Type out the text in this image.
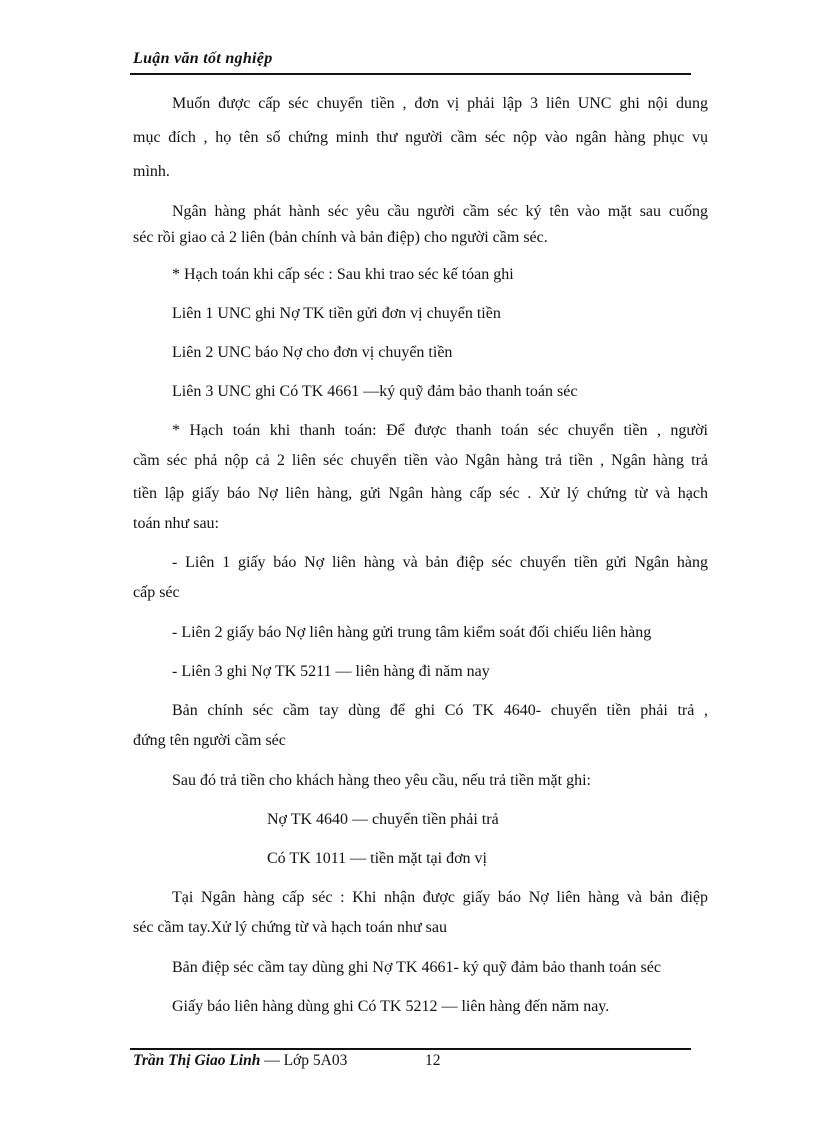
Luận văn tốt nghiệp
Muốn được cấp séc chuyển tiền , đơn vị phải lập 3 liên UNC ghi nội dung
mục đích , họ tên số chứng minh thư người cầm séc nộp vào ngân hàng phục vụ
mình.
Ngân hàng phát hành séc yêu cầu người cầm séc ký tên vào mặt sau cuống
séc rồi giao cả 2 liên (bản chính và bản điệp) cho người cầm séc.
* Hạch toán khi cấp séc : Sau khi trao séc kế tóan ghi
Liên 1 UNC ghi Nợ TK tiền gửi đơn vị chuyển tiền
Liên 2 UNC báo Nợ cho đơn vị chuyển tiền
Liên 3 UNC ghi Có TK 4661 —ký quỹ đảm bảo thanh toán séc
* Hạch toán khi thanh toán: Để được thanh toán séc chuyển tiền , người
cầm séc phả nộp cả 2 liên séc chuyển tiền vào Ngân hàng trả tiền , Ngân hàng trả
tiền lập giấy báo Nợ liên hàng, gửi Ngân hàng cấp séc . Xử lý chứng từ và hạch
toán như sau:
- Liên 1 giấy báo Nợ liên hàng và bản điệp séc chuyển tiền gửi Ngân hàng
cấp séc
- Liên 2 giấy báo Nợ liên hàng gửi trung tâm kiểm soát đối chiếu liên hàng
- Liên 3 ghi Nợ TK 5211 — liên hàng đi năm nay
Bản chính séc cầm tay dùng để ghi Có TK 4640- chuyển tiền phải trả ,
đứng tên người cầm séc
Sau đó trả tiền cho khách hàng theo yêu cầu, nếu trả tiền mặt ghi:
Nợ TK 4640 — chuyển tiền phải trả
Có TK 1011 — tiền mặt tại đơn vị
Tại Ngân hàng cấp séc : Khi nhận được giấy báo Nợ liên hàng và bản điệp
séc cầm tay.Xử lý chứng từ và hạch toán như sau
Bản điệp séc cầm tay dùng ghi Nợ TK 4661- ký quỹ đảm bảo thanh toán séc
Giấy báo liên hàng dùng ghi Có TK 5212 — liên hàng đến năm nay.
Trần Thị Giao Linh — Lớp 5A03	12
